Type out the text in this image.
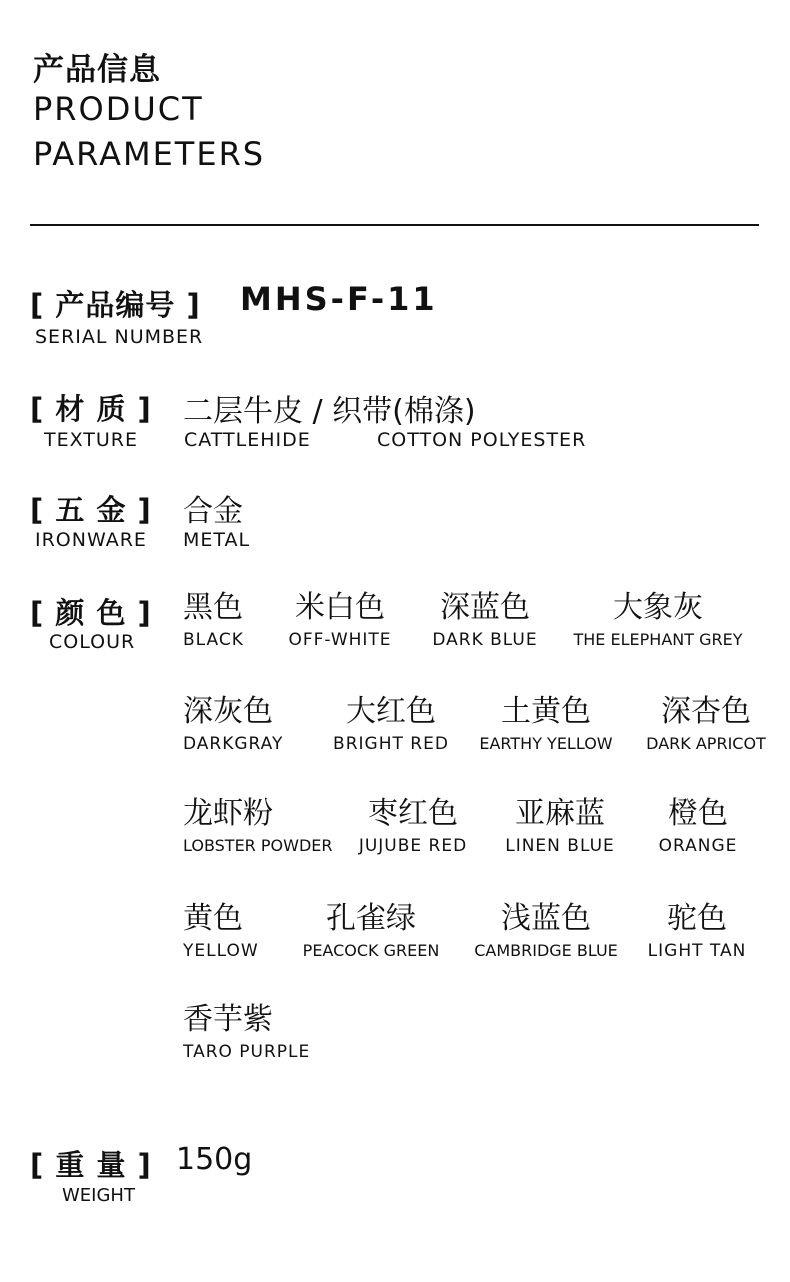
产品信息
PRODUCT
PARAMETERS
[ 产品编号 ] MHS-F-11
SERIAL NUMBER
[ 材 质 ] 二层牛皮 / 织带(棉涤)
TEXTURE CATTLEHIDE	COTTON POLYESTER
[ 五 金 ] 合金
IRONWARE METAL
[ 颜 色 ]
COLOUR
黑色
BLACK
米白色
OFF-WHITE
深蓝色
DARK BLUE
大象灰
THE ELEPHANT GREY
深灰色
DARKGRAY
大红色
BRIGHT RED
土黄色
EARTHY YELLOW
深杏色
DARK APRICOT
龙虾粉
LOBSTER POWDER
枣红色
JUJUBE RED
亚麻蓝
LINEN BLUE
橙色
ORANGE
黄色
YELLOW
孔雀绿
PEACOCK GREEN
浅蓝色
CAMBRIDGE BLUE
驼色
LIGHT TAN
香芋紫
TARO PURPLE
[ 重 量 ] 150g
WEIGHT
